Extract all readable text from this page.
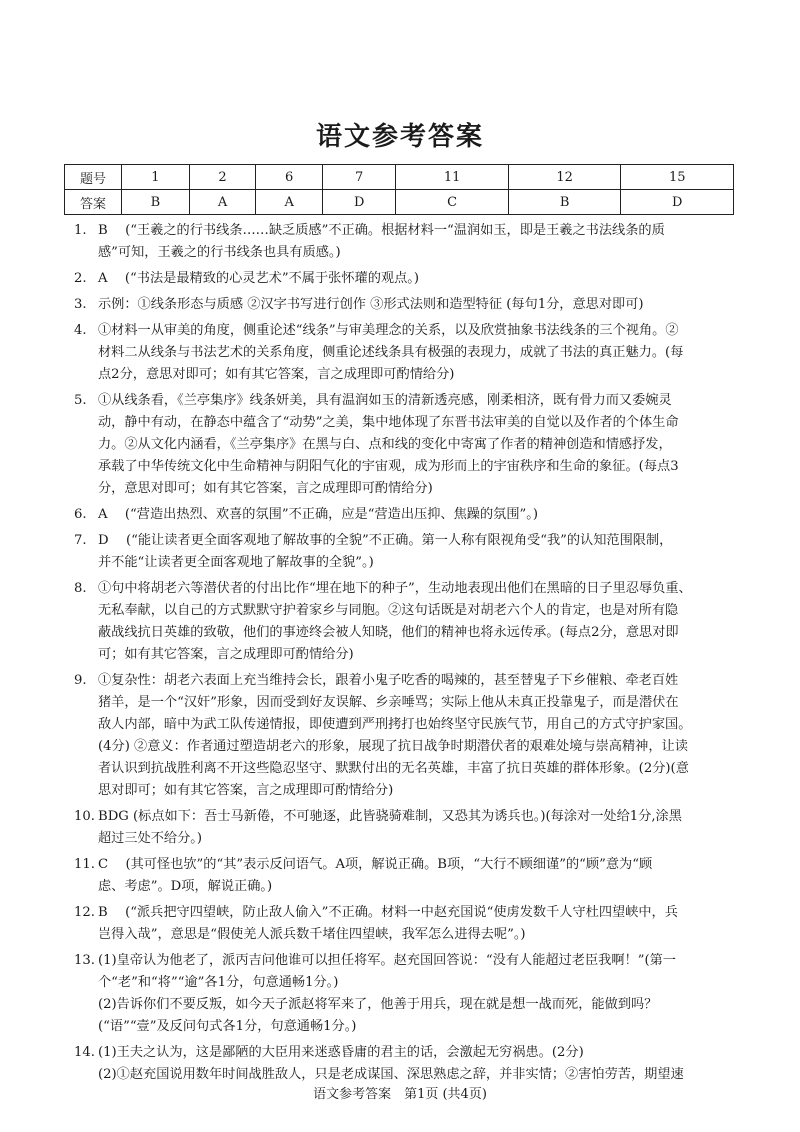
语文参考答案
题号	1	2	6	7	11	12	15
答案	B	A	A	D	C	B	D
1. B　 (“王羲之的行书线条……缺乏质感”不正确。根据材料一“温润如玉，即是王羲之书法线条的质

感”可知，王羲之的行书线条也具有质感。)

2. A　 (“书法是最精致的心灵艺术”不属于张怀瓘的观点。)

3. 示例：①线条形态与质感 ②汉字书写进行创作 ③形式法则和造型特征 (每句1分，意思对即可)

4. ①材料一从审美的角度，侧重论述“线条”与审美理念的关系，以及欣赏抽象书法线条的三个视角。②

材料二从线条与书法艺术的关系角度，侧重论述线条具有极强的表现力，成就了书法的真正魅力。(每

点2分，意思对即可；如有其它答案，言之成理即可酌情给分)

5. ①从线条看，《兰亭集序》线条妍美，具有温润如玉的清新透亮感，刚柔相济，既有骨力而又委婉灵

动，静中有动，在静态中蕴含了“动势”之美，集中地体现了东晋书法审美的自觉以及作者的个体生命

力。②从文化内涵看，《兰亭集序》在黑与白、点和线的变化中寄寓了作者的精神创造和情感抒发，

承载了中华传统文化中生命精神与阴阳气化的宇宙观，成为形而上的宇宙秩序和生命的象征。(每点3

分，意思对即可；如有其它答案，言之成理即可酌情给分)

6. A　 (“营造出热烈、欢喜的氛围”不正确，应是“营造出压抑、焦躁的氛围”。)

7. D　 (“能让读者更全面客观地了解故事的全貌”不正确。第一人称有限视角受“我”的认知范围限制，

并不能“让读者更全面客观地了解故事的全貌”。)

8. ①句中将胡老六等潜伏者的付出比作“埋在地下的种子”，生动地表现出他们在黑暗的日子里忍辱负重、

无私奉献，以自己的方式默默守护着家乡与同胞。②这句话既是对胡老六个人的肯定，也是对所有隐

蔽战线抗日英雄的致敬，他们的事迹终会被人知晓，他们的精神也将永远传承。(每点2分，意思对即

可；如有其它答案，言之成理即可酌情给分)

9. ①复杂性：胡老六表面上充当维持会长，跟着小鬼子吃香的喝辣的，甚至替鬼子下乡催粮、牵老百姓

猪羊，是一个“汉奸”形象，因而受到好友误解、乡亲唾骂；实际上他从未真正投靠鬼子，而是潜伏在

敌人内部，暗中为武工队传递情报，即使遭到严刑拷打也始终坚守民族气节，用自己的方式守护家国。

(4分) ②意义：作者通过塑造胡老六的形象，展现了抗日战争时期潜伏者的艰难处境与崇高精神，让读

者认识到抗战胜利离不开这些隐忍坚守、默默付出的无名英雄，丰富了抗日英雄的群体形象。(2分)(意

思对即可；如有其它答案，言之成理即可酌情给分)

10. BDG (标点如下：吾士马新倦，不可驰逐，此皆骁骑难制，又恐其为诱兵也。)(每涂对一处给1分,涂黑

超过三处不给分。)

11. C　 (其可怪也欤”的“其”表示反问语气。A项，解说正确。B项，“大行不顾细谨”的“顾”意为“顾

虑、考虑”。D项，解说正确。)

12. B　 (“派兵把守四望峡，防止敌人偷入”不正确。材料一中赵充国说“使虏发数千人守杜四望峡中，兵

岂得入哉”，意思是“假使羌人派兵数千堵住四望峡，我军怎么进得去呢”。)

13. (1)皇帝认为他老了，派丙吉问他谁可以担任将军。赵充国回答说：“没有人能超过老臣我啊！”(第一

个“老”和“将”“逾”各1分，句意通畅1分。)

(2)告诉你们不要反叛，如今天子派赵将军来了，他善于用兵，现在就是想一战而死，能做到吗？

(“语”“壹”及反问句式各1分，句意通畅1分。)

14. (1)王夫之认为，这是鄙陋的大臣用来迷惑昏庸的君主的话，会激起无穷祸患。(2分)

(2)①赵充国说用数年时间战胜敌人，只是老成谋国、深思熟虑之辞，并非实情；②害怕劳苦，期望速

语文参考答案　第1页 (共4页)
